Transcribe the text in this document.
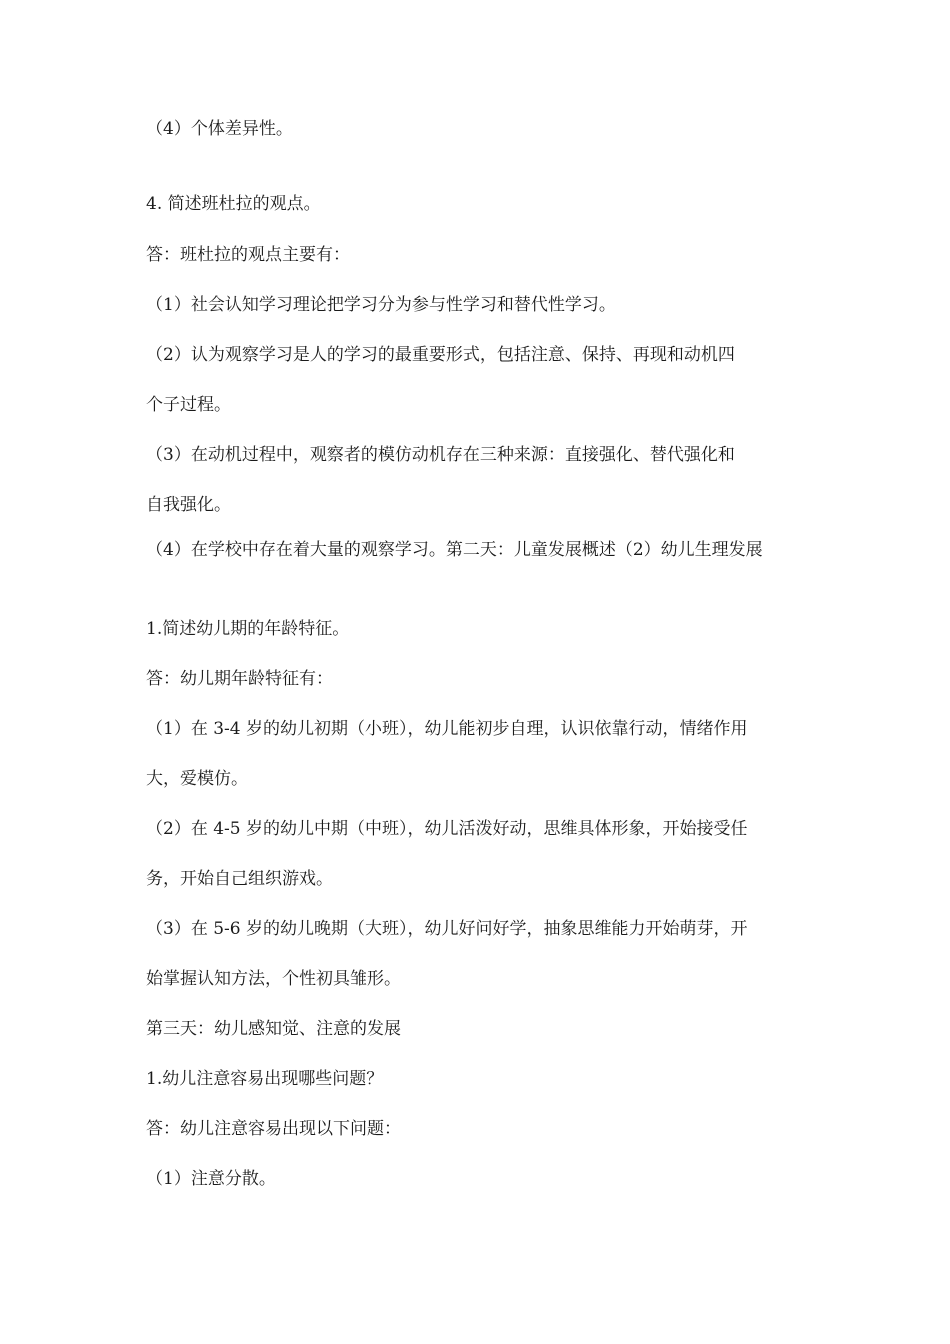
（4）个体差异性。

4. 简述班杜拉的观点。

答：班杜拉的观点主要有：

（1）社会认知学习理论把学习分为参与性学习和替代性学习。

（2）认为观察学习是人的学习的最重要形式，包括注意、保持、再现和动机四

个子过程。

（3）在动机过程中，观察者的模仿动机存在三种来源：直接强化、替代强化和

自我强化。

（4）在学校中存在着大量的观察学习。第二天：儿童发展概述（2）幼儿生理发展

1.简述幼儿期的年龄特征。

答：幼儿期年龄特征有：

（1）在 3-4 岁的幼儿初期（小班），幼儿能初步自理，认识依靠行动，情绪作用

大，爱模仿。

（2）在 4-5 岁的幼儿中期（中班），幼儿活泼好动，思维具体形象，开始接受任

务，开始自己组织游戏。

（3）在 5-6 岁的幼儿晚期（大班），幼儿好问好学，抽象思维能力开始萌芽，开

始掌握认知方法，个性初具雏形。

第三天：幼儿感知觉、注意的发展

1.幼儿注意容易出现哪些问题？

答：幼儿注意容易出现以下问题：

（1）注意分散。
